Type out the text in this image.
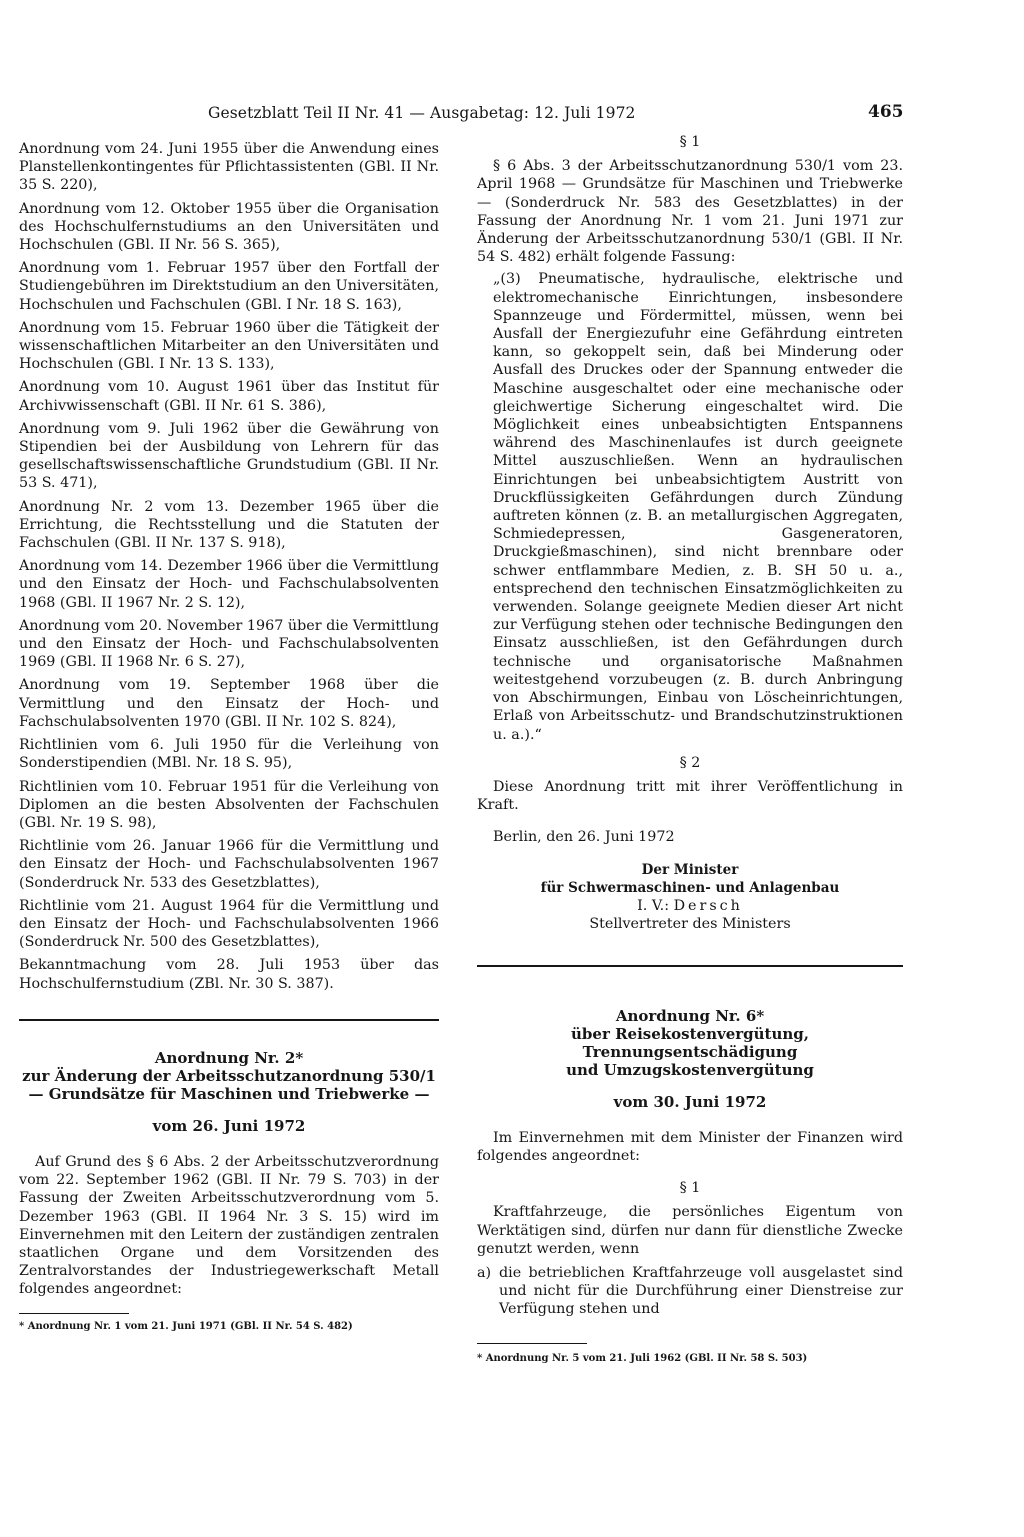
Gesetzblatt Teil II Nr. 41 — Ausgabetag: 12. Juli 1972	465

Anordnung vom 24. Juni 1955 über die Anwendung eines Planstellenkontingentes für Pflichtassistenten (GBl. II Nr. 35 S. 220),

Anordnung vom 12. Oktober 1955 über die Organisation des Hochschulfernstudiums an den Universitäten und Hochschulen (GBl. II Nr. 56 S. 365),

Anordnung vom 1. Februar 1957 über den Fortfall der Studiengebühren im Direktstudium an den Universitäten, Hochschulen und Fachschulen (GBl. I Nr. 18 S. 163),

Anordnung vom 15. Februar 1960 über die Tätigkeit der wissenschaftlichen Mitarbeiter an den Universitäten und Hochschulen (GBl. I Nr. 13 S. 133),

Anordnung vom 10. August 1961 über das Institut für Archivwissenschaft (GBl. II Nr. 61 S. 386),

Anordnung vom 9. Juli 1962 über die Gewährung von Stipendien bei der Ausbildung von Lehrern für das gesellschaftswissenschaftliche Grundstudium (GBl. II Nr. 53 S. 471),

Anordnung Nr. 2 vom 13. Dezember 1965 über die Errichtung, die Rechtsstellung und die Statuten der Fachschulen (GBl. II Nr. 137 S. 918),

Anordnung vom 14. Dezember 1966 über die Vermittlung und den Einsatz der Hoch- und Fachschulabsolventen 1968 (GBl. II 1967 Nr. 2 S. 12),

Anordnung vom 20. November 1967 über die Vermittlung und den Einsatz der Hoch- und Fachschulabsolventen 1969 (GBl. II 1968 Nr. 6 S. 27),

Anordnung vom 19. September 1968 über die Vermittlung und den Einsatz der Hoch- und Fachschulabsolventen 1970 (GBl. II Nr. 102 S. 824),

Richtlinien vom 6. Juli 1950 für die Verleihung von Sonderstipendien (MBl. Nr. 18 S. 95),

Richtlinien vom 10. Februar 1951 für die Verleihung von Diplomen an die besten Absolventen der Fachschulen (GBl. Nr. 19 S. 98),

Richtlinie vom 26. Januar 1966 für die Vermittlung und den Einsatz der Hoch- und Fachschulabsolventen 1967 (Sonderdruck Nr. 533 des Gesetzblattes),

Richtlinie vom 21. August 1964 für die Vermittlung und den Einsatz der Hoch- und Fachschulabsolventen 1966 (Sonderdruck Nr. 500 des Gesetzblattes),

Bekanntmachung vom 28. Juli 1953 über das Hochschulfernstudium (ZBl. Nr. 30 S. 387).

Anordnung Nr. 2*

zur Änderung der Arbeitsschutzanordnung 530/1

— Grundsätze für Maschinen und Triebwerke —

vom 26. Juni 1972

Auf Grund des § 6 Abs. 2 der Arbeitsschutzverordnung vom 22. September 1962 (GBl. II Nr. 79 S. 703) in der Fassung der Zweiten Arbeitsschutzverordnung vom 5. Dezember 1963 (GBl. II 1964 Nr. 3 S. 15) wird im Einvernehmen mit den Leitern der zuständigen zentralen staatlichen Organe und dem Vorsitzenden des Zentralvorstandes der Industriegewerkschaft Metall folgendes angeordnet:

* Anordnung Nr. 1 vom 21. Juni 1971 (GBl. II Nr. 54 S. 482)

§ 1

§ 6 Abs. 3 der Arbeitsschutzanordnung 530/1 vom 23. April 1968 — Grundsätze für Maschinen und Triebwerke — (Sonderdruck Nr. 583 des Gesetzblattes) in der Fassung der Anordnung Nr. 1 vom 21. Juni 1971 zur Änderung der Arbeitsschutzanordnung 530/1 (GBl. II Nr. 54 S. 482) erhält folgende Fassung:

„(3) Pneumatische, hydraulische, elektrische und elektromechanische Einrichtungen, insbesondere Spannzeuge und Fördermittel, müssen, wenn bei Ausfall der Energiezufuhr eine Gefährdung eintreten kann, so gekoppelt sein, daß bei Minderung oder Ausfall des Druckes oder der Spannung entweder die Maschine ausgeschaltet oder eine mechanische oder gleichwertige Sicherung eingeschaltet wird. Die Möglichkeit eines unbeabsichtigten Entspannens während des Maschinenlaufes ist durch geeignete Mittel auszuschließen. Wenn an hydraulischen Einrichtungen bei unbeabsichtigtem Austritt von Druckflüssigkeiten Gefährdungen durch Zündung auftreten können (z. B. an metallurgischen Aggregaten, Schmiedepressen, Gasgeneratoren, Druckgießmaschinen), sind nicht brennbare oder schwer entflammbare Medien, z. B. SH 50 u. a., entsprechend den technischen Einsatzmöglichkeiten zu verwenden. Solange geeignete Medien dieser Art nicht zur Verfügung stehen oder technische Bedingungen den Einsatz ausschließen, ist den Gefährdungen durch technische und organisatorische Maßnahmen weitestgehend vorzubeugen (z. B. durch Anbringung von Abschirmungen, Einbau von Löscheinrichtungen, Erlaß von Arbeitsschutz- und Brandschutzinstruktionen u. a.).“

§ 2

Diese Anordnung tritt mit ihrer Veröffentlichung in Kraft.

Berlin, den 26. Juni 1972

Der Minister

für Schwermaschinen- und Anlagenbau

I. V.: Dersch

Stellvertreter des Ministers

Anordnung Nr. 6*

über Reisekostenvergütung,

Trennungsentschädigung

und Umzugskostenvergütung

vom 30. Juni 1972

Im Einvernehmen mit dem Minister der Finanzen wird folgendes angeordnet:

§ 1

Kraftfahrzeuge, die persönliches Eigentum von Werktätigen sind, dürfen nur dann für dienstliche Zwecke genutzt werden, wenn

a) die betrieblichen Kraftfahrzeuge voll ausgelastet sind und nicht für die Durchführung einer Dienstreise zur Verfügung stehen und

* Anordnung Nr. 5 vom 21. Juli 1962 (GBl. II Nr. 58 S. 503)
